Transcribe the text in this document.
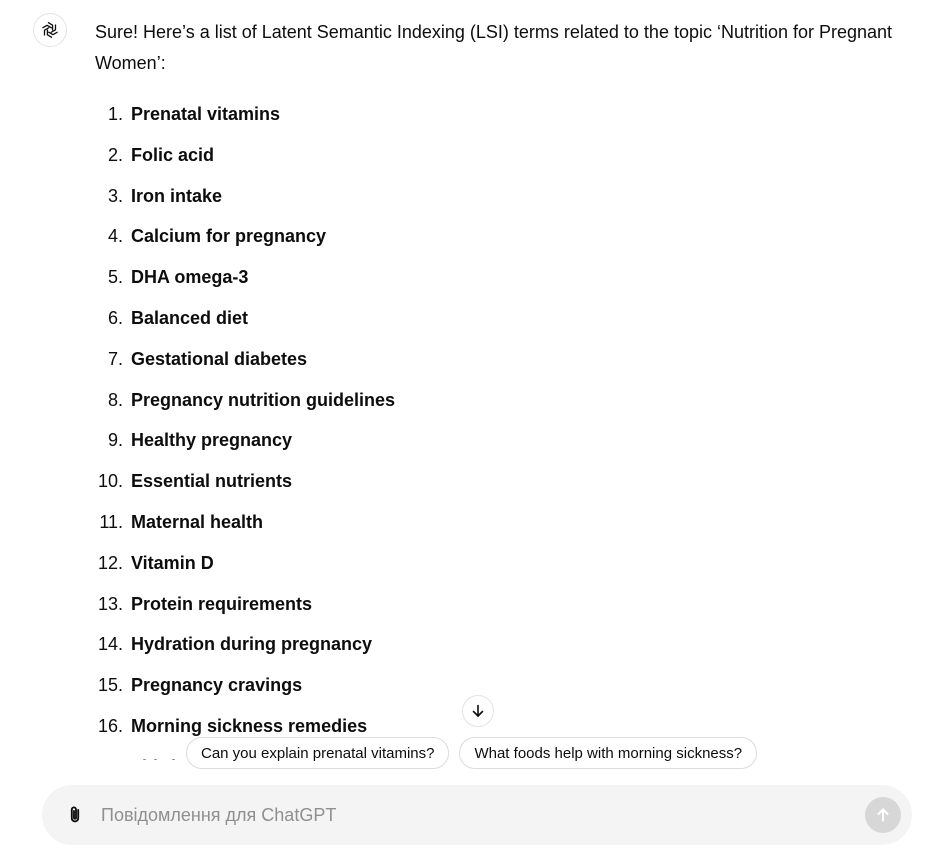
Sure! Here’s a list of Latent Semantic Indexing (LSI) terms related to the topic ‘Nutrition for Pregnant Women’:

1. Prenatal vitamins
2. Folic acid
3. Iron intake
4. Calcium for pregnancy
5. DHA omega-3
6. Balanced diet
7. Gestational diabetes
8. Pregnancy nutrition guidelines
9. Healthy pregnancy
10. Essential nutrients
11. Maternal health
12. Vitamin D
13. Protein requirements
14. Hydration during pregnancy
15. Pregnancy cravings
16. Morning sickness remedies
Can you explain prenatal vitamins?	What foods help with morning sickness?
Повідомлення для ChatGPT
